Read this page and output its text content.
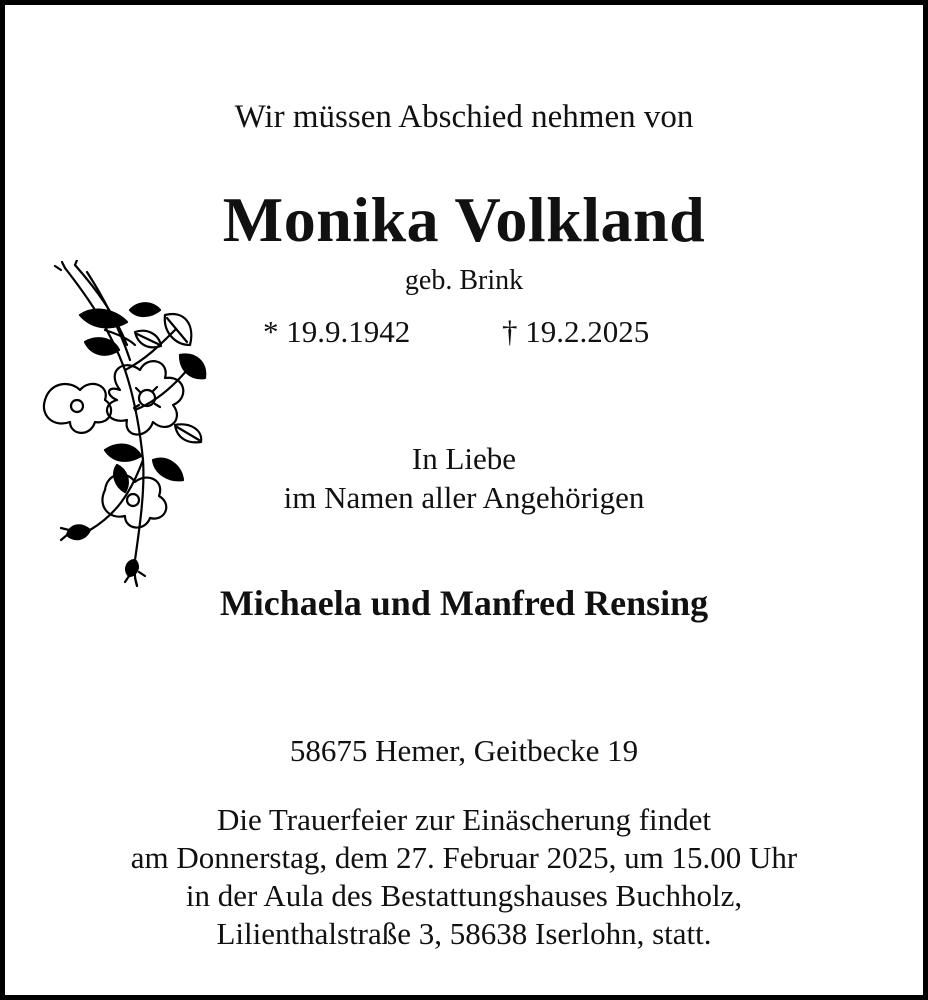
Wir müssen Abschied nehmen von
Monika Volkland
geb. Brink
* 19.9.1942	† 19.2.2025
In Liebe
im Namen aller Angehörigen
Michaela und Manfred Rensing
58675 Hemer, Geitbecke 19
Die Trauerfeier zur Einäscherung findet
am Donnerstag, dem 27. Februar 2025, um 15.00 Uhr
in der Aula des Bestattungshauses Buchholz,
Lilienthalstraße 3, 58638 Iserlohn, statt.
